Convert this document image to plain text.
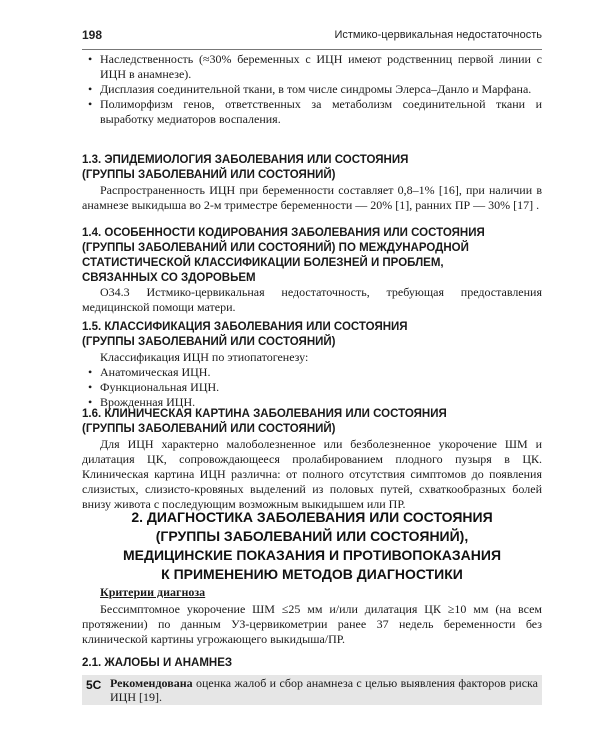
198	Истмико-цервикальная недостаточность
• Наследственность (≈30% беременных с ИЦН имеют родственниц первой линии с ИЦН в анамнезе).
• Дисплазия соединительной ткани, в том числе синдромы Элерса–Данло и Марфана.
• Полиморфизм генов, ответственных за метаболизм соединительной ткани и выработку медиаторов воспаления.
1.3. ЭПИДЕМИОЛОГИЯ ЗАБОЛЕВАНИЯ ИЛИ СОСТОЯНИЯ
(ГРУППЫ ЗАБОЛЕВАНИЙ ИЛИ СОСТОЯНИЙ)

Распространенность ИЦН при беременности составляет 0,8–1% [16], при наличии в анамнезе выкидыша во 2-м триместре беременности — 20% [1], ранних ПР — 30% [17] .

1.4. ОСОБЕННОСТИ КОДИРОВАНИЯ ЗАБОЛЕВАНИЯ ИЛИ СОСТОЯНИЯ
(ГРУППЫ ЗАБОЛЕВАНИЙ ИЛИ СОСТОЯНИЙ) ПО МЕЖДУНАРОДНОЙ
СТАТИСТИЧЕСКОЙ КЛАССИФИКАЦИИ БОЛЕЗНЕЙ И ПРОБЛЕМ,
СВЯЗАННЫХ СО ЗДОРОВЬЕМ

O34.3 Истмико-цервикальная недостаточность, требующая предоставления медицинской помощи матери.

1.5. КЛАССИФИКАЦИЯ ЗАБОЛЕВАНИЯ ИЛИ СОСТОЯНИЯ
(ГРУППЫ ЗАБОЛЕВАНИЙ ИЛИ СОСТОЯНИЙ)

Классификация ИЦН по этиопатогенезу:

• Анатомическая ИЦН.
• Функциональная ИЦН.
• Врожденная ИЦН.
1.6. КЛИНИЧЕСКАЯ КАРТИНА ЗАБОЛЕВАНИЯ ИЛИ СОСТОЯНИЯ
(ГРУППЫ ЗАБОЛЕВАНИЙ ИЛИ СОСТОЯНИЙ)

Для ИЦН характерно малоболезненное или безболезненное укорочение ШМ и дилатация ЦК, сопровождающееся пролабированием плодного пузыря в ЦК. Клиническая картина ИЦН различна: от полного отсутствия симптомов до появления слизистых, слизисто-кровяных выделений из половых путей, схваткообразных болей внизу живота с последующим возможным выкидышем или ПР.

2. ДИАГНОСТИКА ЗАБОЛЕВАНИЯ ИЛИ СОСТОЯНИЯ
(ГРУППЫ ЗАБОЛЕВАНИЙ ИЛИ СОСТОЯНИЙ),
МЕДИЦИНСКИЕ ПОКАЗАНИЯ И ПРОТИВОПОКАЗАНИЯ
К ПРИМЕНЕНИЮ МЕТОДОВ ДИАГНОСТИКИ

Критерии диагноза

Бессимптомное укорочение ШМ ≤25 мм и/или дилатация ЦК ≥10 мм (на всем протяжении) по данным УЗ-цервикометрии ранее 37 недель беременности без клинической картины угрожающего выкидыша/ПР.

2.1. ЖАЛОБЫ И АНАМНЕЗ
5С Рекомендована оценка жалоб и сбор анамнеза с целью выявления факторов риска ИЦН [19].
